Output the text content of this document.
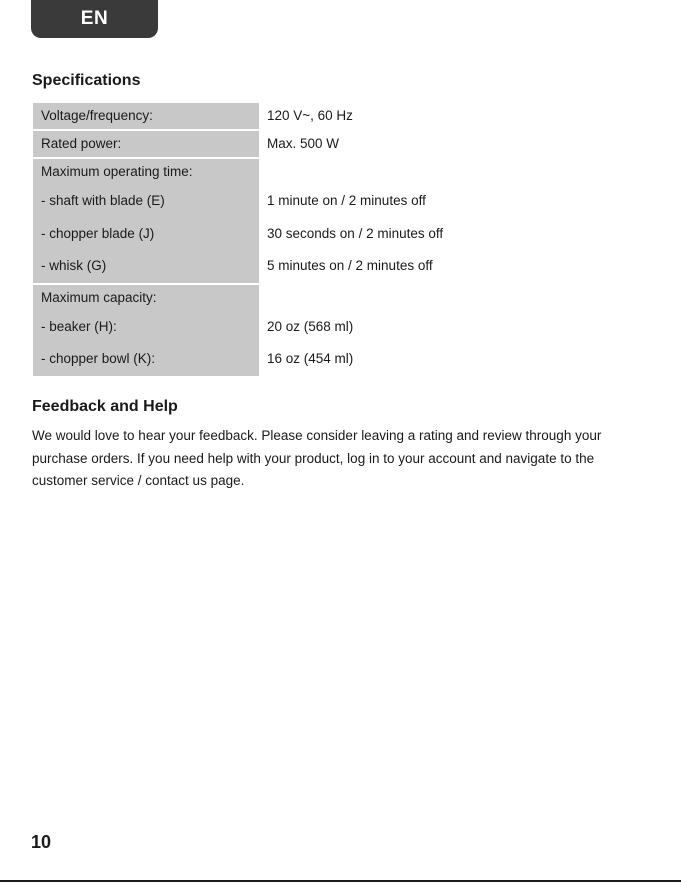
EN
Specifications
Voltage/frequency:	120 V~, 60 Hz
Rated power:	Max. 500 W
Maximum operating time:
- shaft with blade (E)
- chopper blade (J)
- whisk (G)
1 minute on / 2 minutes off
30 seconds on / 2 minutes off
5 minutes on / 2 minutes off
Maximum capacity:
- beaker (H):
- chopper bowl (K):
20 oz (568 ml)
16 oz (454 ml)
Feedback and Help

We would love to hear your feedback. Please consider leaving a rating and review through your purchase orders. If you need help with your product, log in to your account and navigate to the customer service / contact us page.

10
